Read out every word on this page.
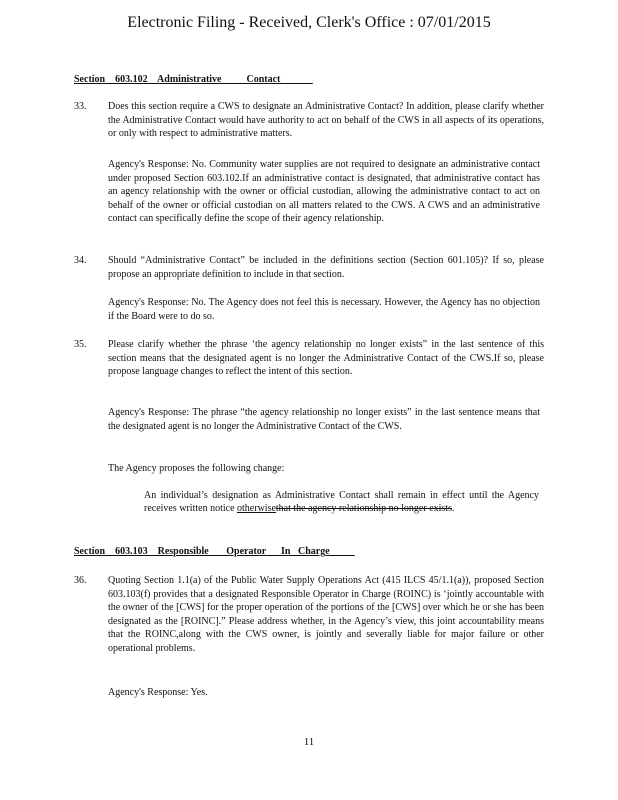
Electronic Filing - Received, Clerk's Office : 07/01/2015
Section    603.102    Administrative          Contact
33.	Does this section require a CWS to designate an Administrative Contact? In addition, please clarify whether the Administrative Contact would have authority to act on behalf of the CWS in all aspects of its operations, or only with respect to administrative matters.
Agency's Response: No. Community water supplies are not required to designate an administrative contact under proposed Section 603.102.If an administrative contact is designated, that administrative contact has an agency relationship with the owner or official custodian, allowing the administrative contact to act on behalf of the owner or official custodian on all matters related to the CWS. A CWS and an administrative contact can specifically define the scope of their agency relationship.
34.	Should “Administrative Contact” be included in the definitions section (Section 601.105)? If so, please propose an appropriate definition to include in that section.
Agency's Response: No. The Agency does not feel this is necessary. However, the Agency has no objection if the Board were to do so.
35.	Please clarify whether the phrase ‘the agency relationship no longer exists” in the last sentence of this section means that the designated agent is no longer the Administrative Contact of the CWS.If so, please propose language changes to reflect the intent of this section.
Agency's Response: The phrase “the agency relationship no longer exists” in the last sentence means that the designated agent is no longer the Administrative Contact of the CWS.
The Agency proposes the following change:
An individual’s designation as Administrative Contact shall remain in effect until the Agency receives written notice otherwisethat the agency relationship no longer exists.
Section    603.103    Responsible       Operator      In   Charge
36.	Quoting Section 1.1(a) of the Public Water Supply Operations Act (415 ILCS 45/1.1(a)), proposed Section 603.103(f) provides that a designated Responsible Operator in Charge (ROINC) is ‘jointly accountable with the owner of the [CWS] for the proper operation of the portions of the [CWS] over which he or she has been designated as the [ROINC].” Please address whether, in the Agency’s view, this joint accountability means that the ROINC,along with the CWS owner, is jointly and severally liable for major failure or other operational problems.
Agency's Response: Yes.
11
